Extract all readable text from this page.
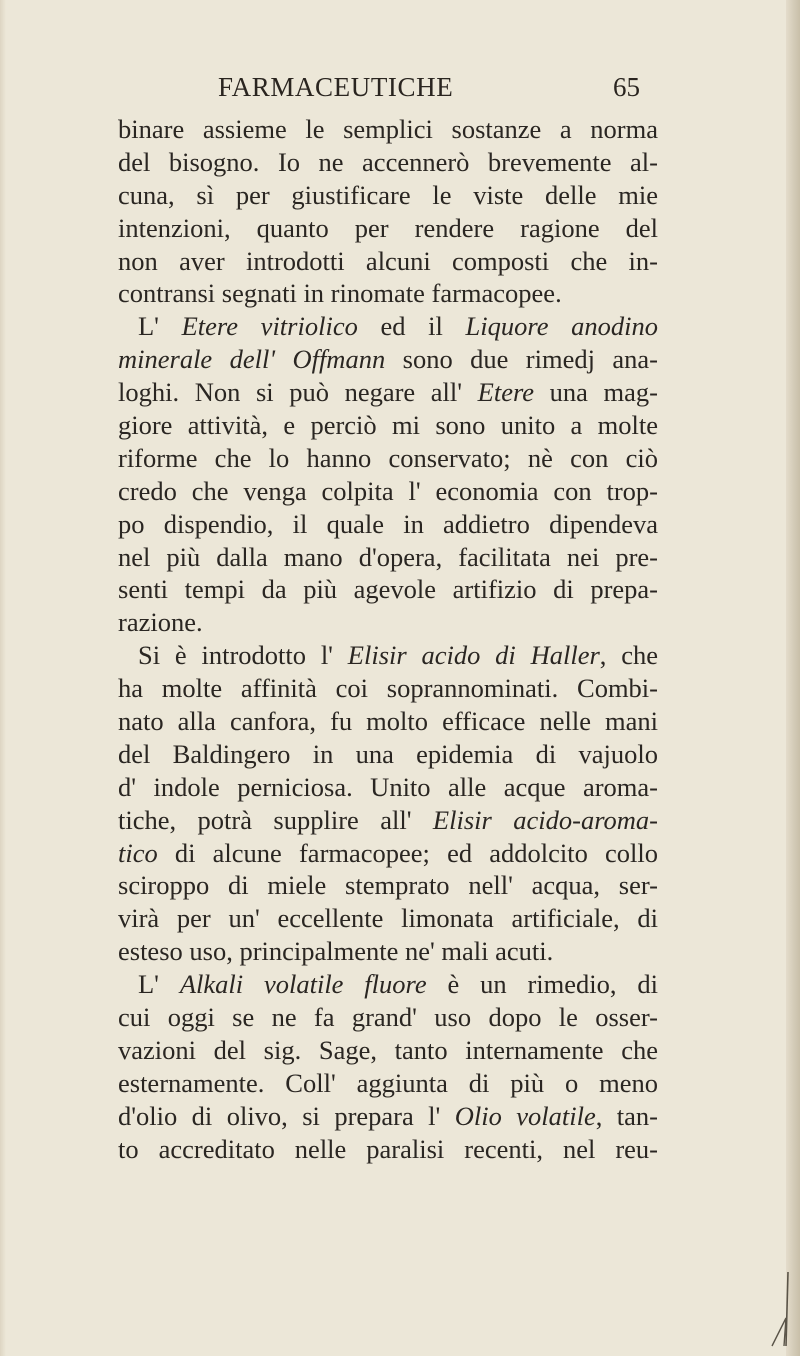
FARMACEUTICHE	65
binare assieme le semplici sostanze a norma
del bisogno. Io ne accennerò brevemente al-
cuna, sì per giustificare le viste delle mie
intenzioni, quanto per rendere ragione del
non aver introdotti alcuni composti che in-
contransi segnati in rinomate farmacopee.
L' Etere vitriolico ed il Liquore anodino
minerale dell' Offmann sono due rimedj ana-
loghi. Non si può negare all' Etere una mag-
giore attività, e perciò mi sono unito a molte
riforme che lo hanno conservato; nè con ciò
credo che venga colpita l' economia con trop-
po dispendio, il quale in addietro dipendeva
nel più dalla mano d'opera, facilitata nei pre-
senti tempi da più agevole artifizio di prepa-
razione.
Si è introdotto l' Elisir acido di Haller, che
ha molte affinità coi soprannominati. Combi-
nato alla canfora, fu molto efficace nelle mani
del Baldingero in una epidemia di vajuolo
d' indole perniciosa. Unito alle acque aroma-
tiche, potrà supplire all' Elisir acido-aroma-
tico di alcune farmacopee; ed addolcito collo
sciroppo di miele stemprato nell' acqua, ser-
virà per un' eccellente limonata artificiale, di
esteso uso, principalmente ne' mali acuti.
L' Alkali volatile fluore è un rimedio, di
cui oggi se ne fa grand' uso dopo le osser-
vazioni del sig. Sage, tanto internamente che
esternamente. Coll' aggiunta di più o meno
d'olio di olivo, si prepara l' Olio volatile, tan-
to accreditato nelle paralisi recenti, nel reu-
